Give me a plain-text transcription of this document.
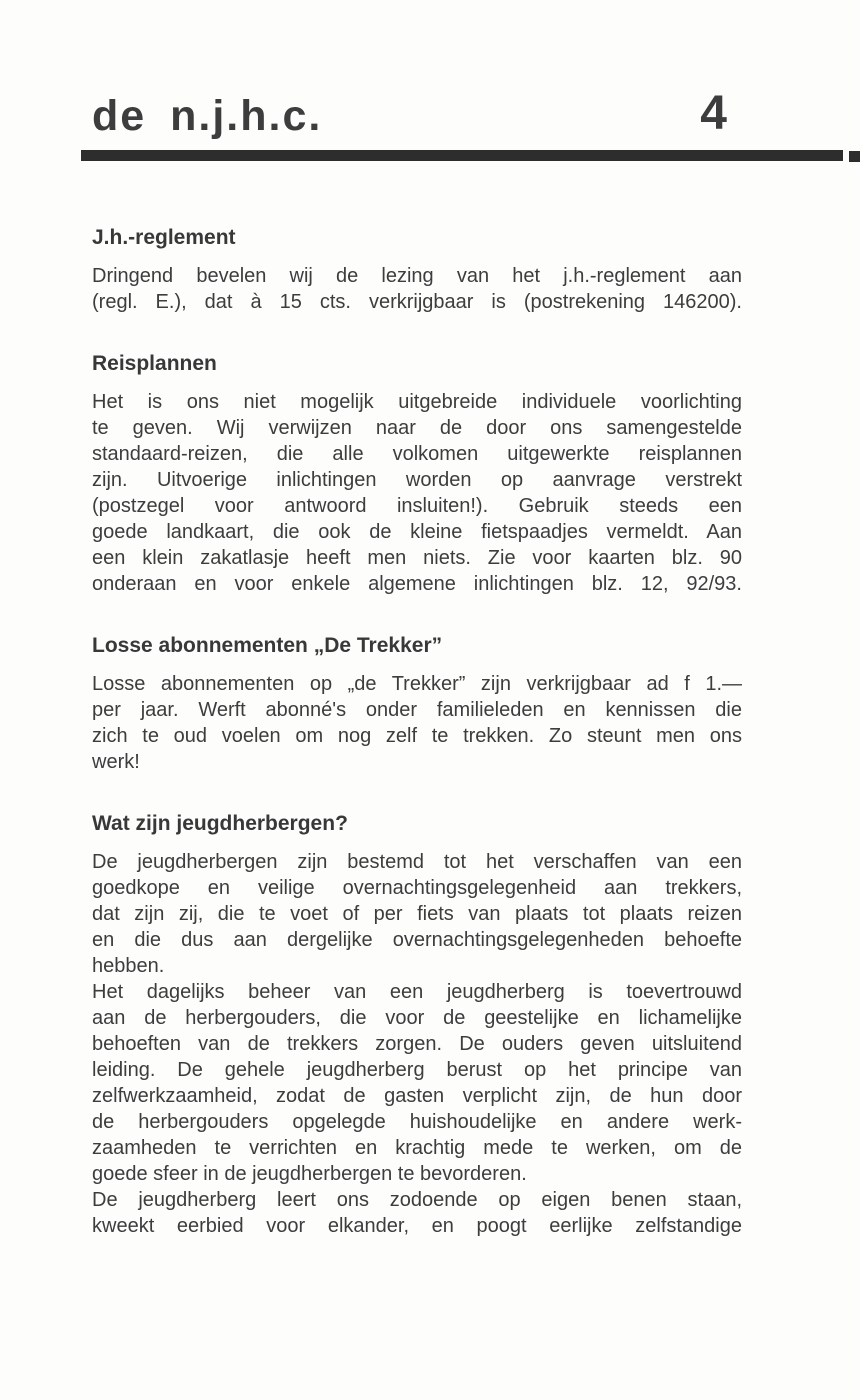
de n.j.h.c.	4
J.h.-reglement
Dringend bevelen wij de lezing van het j.h.-reglement aan
(regl. E.), dat à 15 cts. verkrijgbaar is (postrekening 146200).
Reisplannen
Het is ons niet mogelijk uitgebreide individuele voorlichting
te geven. Wij verwijzen naar de door ons samengestelde
standaard-reizen, die alle volkomen uitgewerkte reisplannen
zijn. Uitvoerige inlichtingen worden op aanvrage verstrekt
(postzegel voor antwoord insluiten!). Gebruik steeds een
goede landkaart, die ook de kleine fietspaadjes vermeldt. Aan
een klein zakatlasje heeft men niets. Zie voor kaarten blz. 90
onderaan en voor enkele algemene inlichtingen blz. 12, 92/93.
Losse abonnementen „De Trekker”
Losse abonnementen op „de Trekker” zijn verkrijgbaar ad f 1.—
per jaar. Werft abonné's onder familieleden en kennissen die
zich te oud voelen om nog zelf te trekken. Zo steunt men ons
werk!
Wat zijn jeugdherbergen?
De jeugdherbergen zijn bestemd tot het verschaffen van een
goedkope en veilige overnachtingsgelegenheid aan trekkers,
dat zijn zij, die te voet of per fiets van plaats tot plaats reizen
en die dus aan dergelijke overnachtingsgelegenheden behoefte
hebben.
Het dagelijks beheer van een jeugdherberg is toevertrouwd
aan de herbergouders, die voor de geestelijke en lichamelijke
behoeften van de trekkers zorgen. De ouders geven uitsluitend
leiding. De gehele jeugdherberg berust op het principe van
zelfwerkzaamheid, zodat de gasten verplicht zijn, de hun door
de herbergouders opgelegde huishoudelijke en andere werk-
zaamheden te verrichten en krachtig mede te werken, om de
goede sfeer in de jeugdherbergen te bevorderen.
De jeugdherberg leert ons zodoende op eigen benen staan,
kweekt eerbied voor elkander, en poogt eerlijke zelfstandige
